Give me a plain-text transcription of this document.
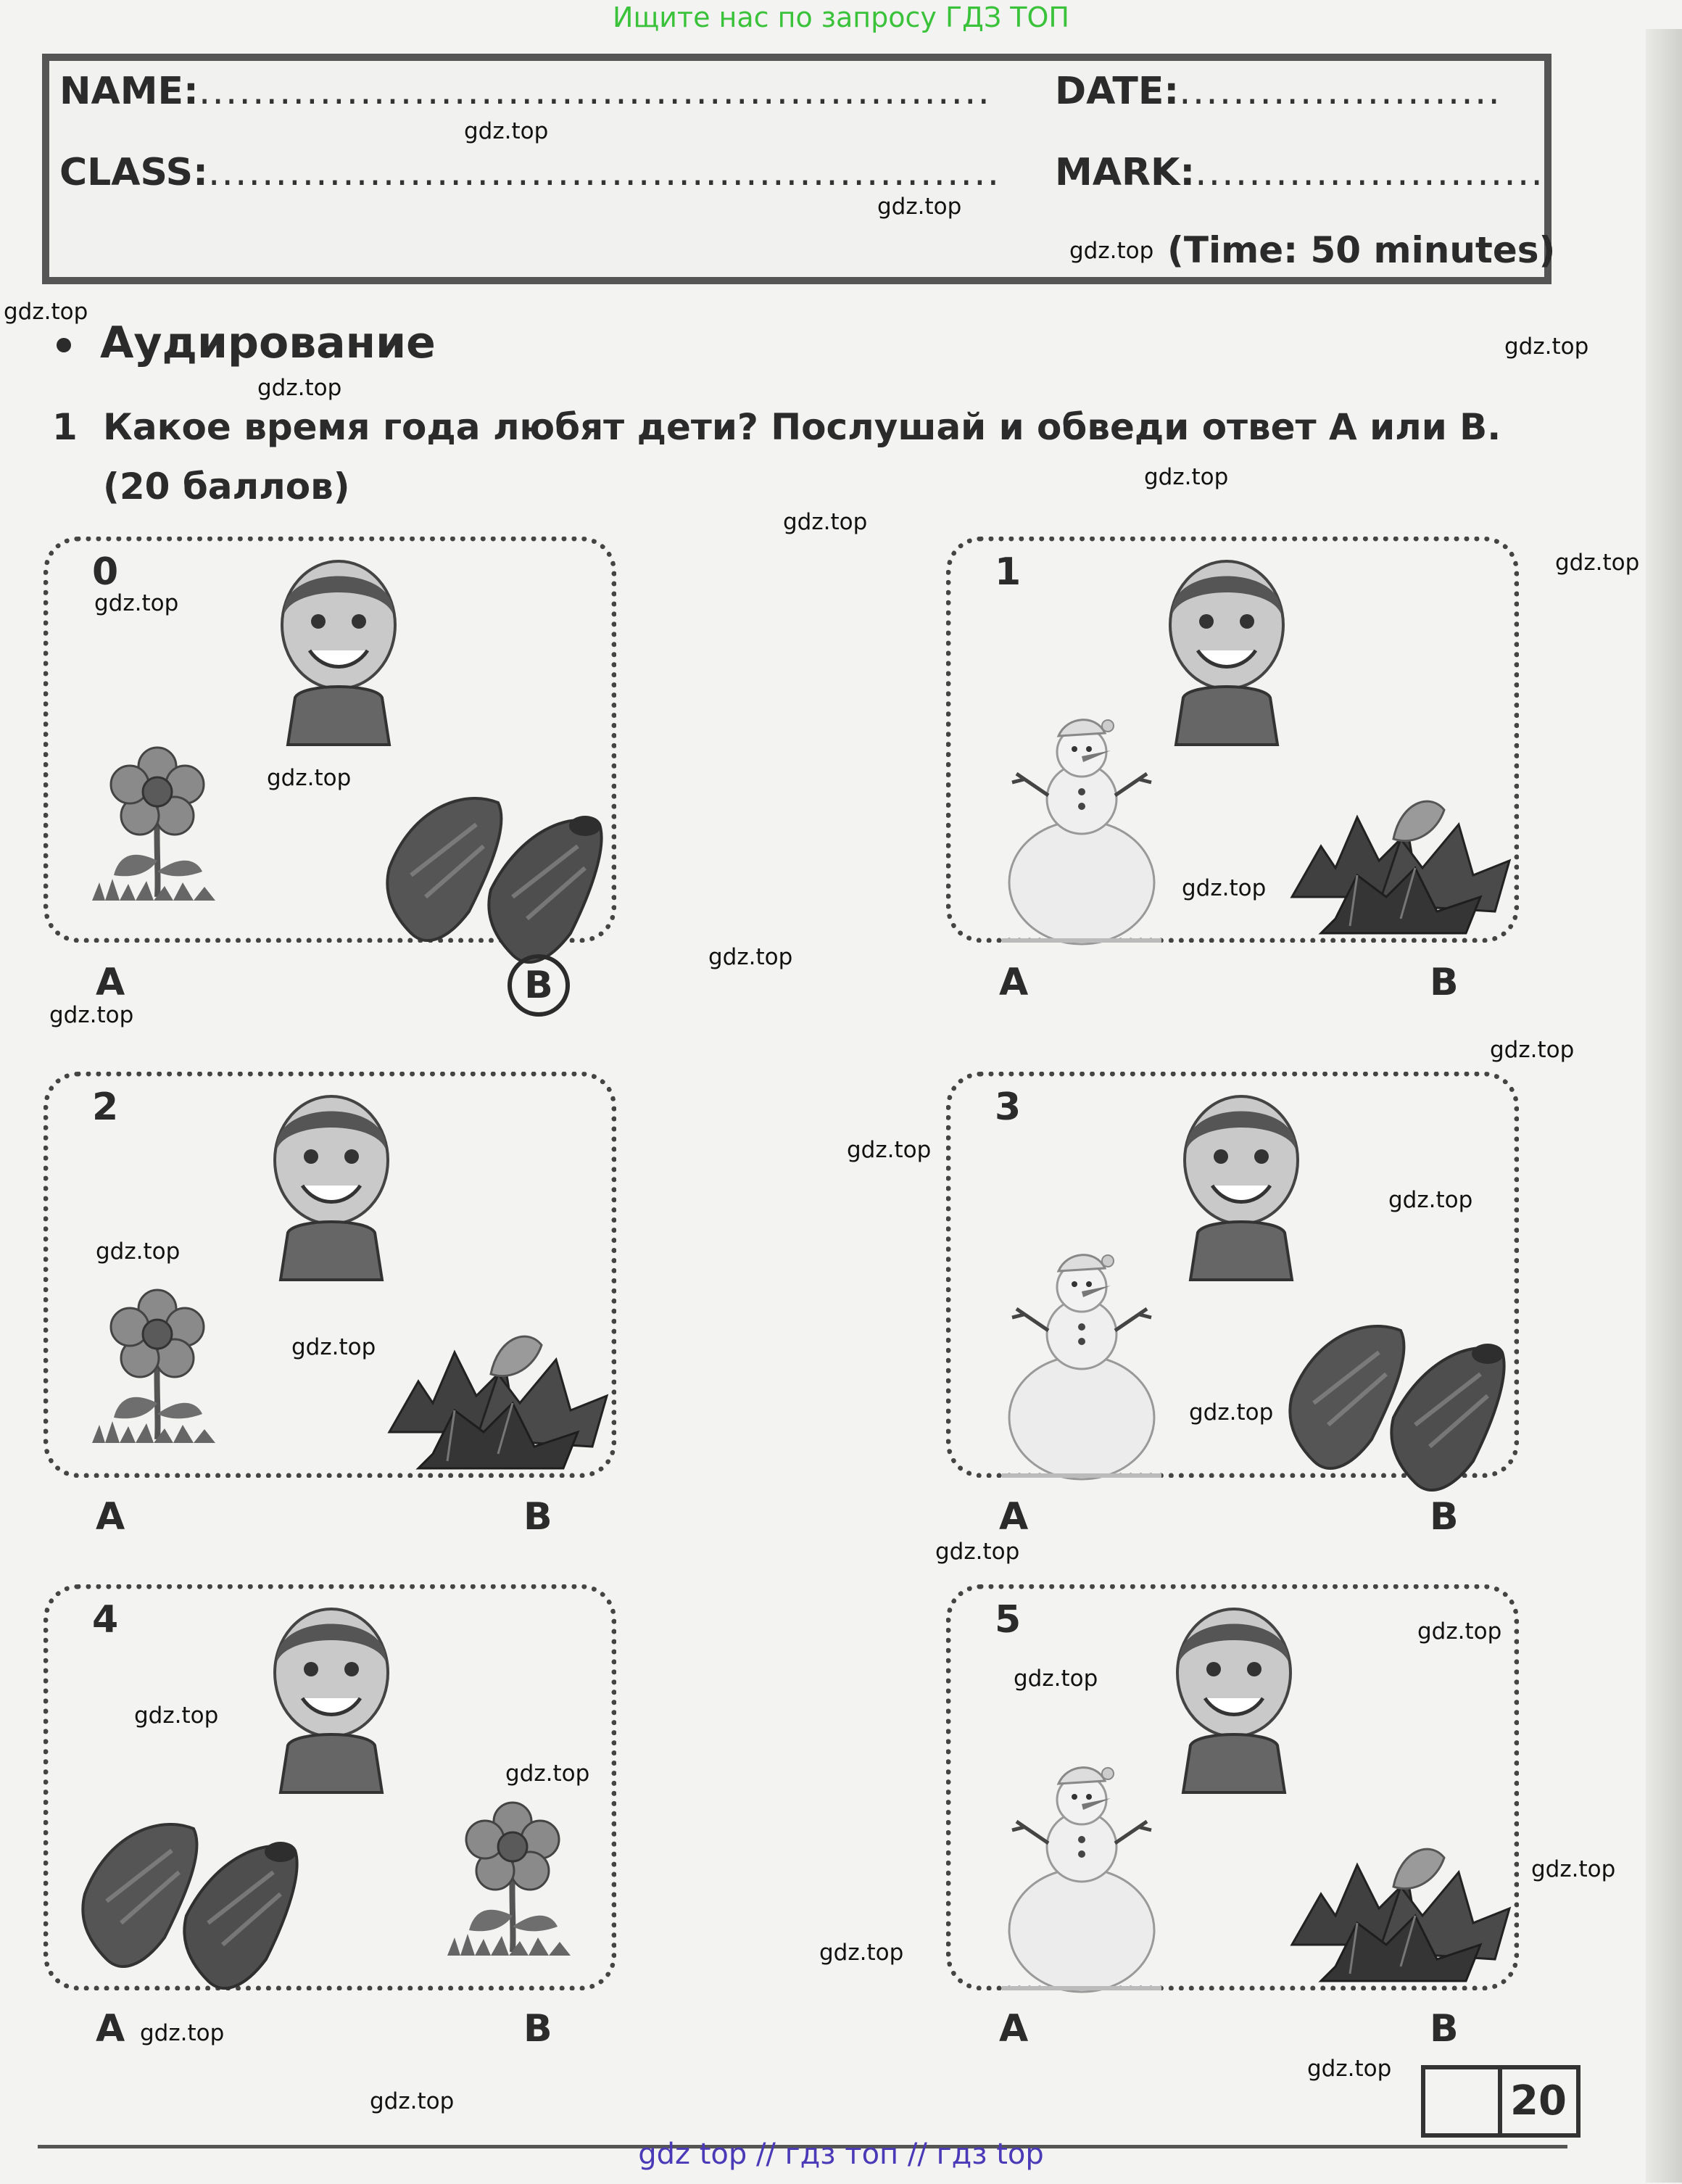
Ищите нас по запросу ГДЗ ТОП
NAME:........................................................... DATE:........................
CLASS:........................................................... MARK:..........................
(Time: 50 minutes)
Аудирование
1 Какое время года любят дети? Послушай и обведи ответ А или В.
(20 баллов)
0
A	B
1
A	B
2
A	B
3
A	B
4
A	B
5
A	B
20
gdz.top
gdz.top
gdz.top
gdz.top
gdz.top
gdz.top
gdz.top
gdz.top
gdz.top
gdz.top
gdz.top
gdz.top
gdz.top
gdz.top
gdz.top
gdz.top
gdz.top
gdz.top
gdz.top
gdz.top
gdz.top
gdz.top
gdz.top
gdz.top
gdz.top
gdz.top
gdz.top
gdz.top
gdz.top
gdz.top
gdz top // гдз топ // гдз top
